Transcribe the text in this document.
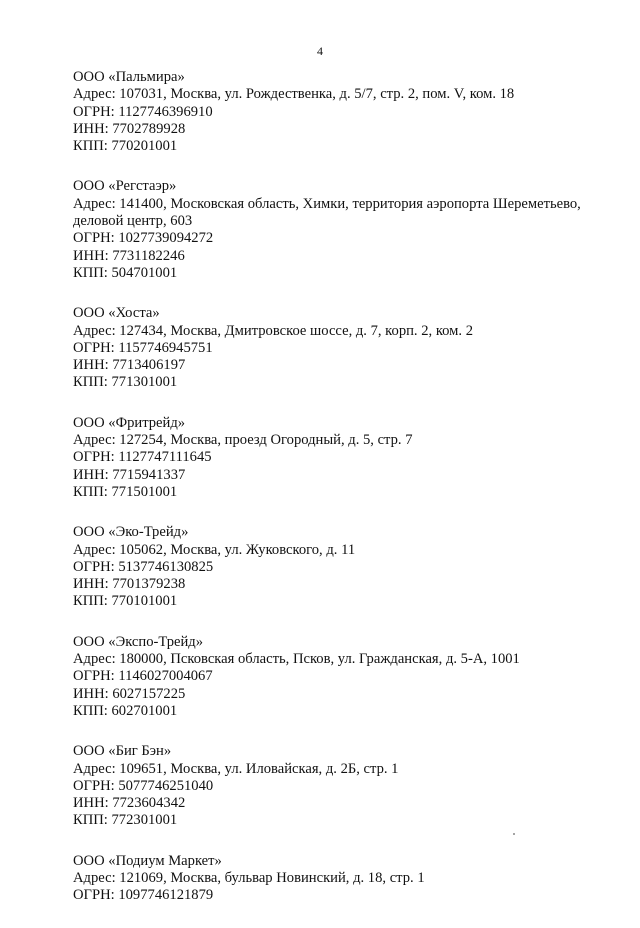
4
ООО «Пальмира»
Адрес: 107031, Москва, ул. Рождественка, д. 5/7, стр. 2, пом. V, ком. 18
ОГРН: 1127746396910
ИНН: 7702789928
КПП: 770201001
ООО «Регстаэр»
Адрес: 141400, Московская область, Химки, территория аэропорта Шереметьево, деловой центр, 603
ОГРН: 1027739094272
ИНН: 7731182246
КПП: 504701001
ООО «Хоста»
Адрес: 127434, Москва, Дмитровское шоссе, д. 7, корп. 2, ком. 2
ОГРН: 1157746945751
ИНН: 7713406197
КПП: 771301001
ООО «Фритрейд»
Адрес: 127254, Москва, проезд Огородный, д. 5, стр. 7
ОГРН: 1127747111645
ИНН: 7715941337
КПП: 771501001
ООО «Эко-Трейд»
Адрес: 105062, Москва, ул. Жуковского, д. 11
ОГРН: 5137746130825
ИНН: 7701379238
КПП: 770101001
ООО «Экспо-Трейд»
Адрес: 180000, Псковская область, Псков, ул. Гражданская, д. 5-А, 1001
ОГРН: 1146027004067
ИНН: 6027157225
КПП: 602701001
ООО «Биг Бэн»
Адрес: 109651, Москва, ул. Иловайская, д. 2Б, стр. 1
ОГРН: 5077746251040
ИНН: 7723604342
КПП: 772301001
ООО «Подиум Маркет»
Адрес: 121069, Москва, бульвар Новинский, д. 18, стр. 1
ОГРН: 1097746121879
